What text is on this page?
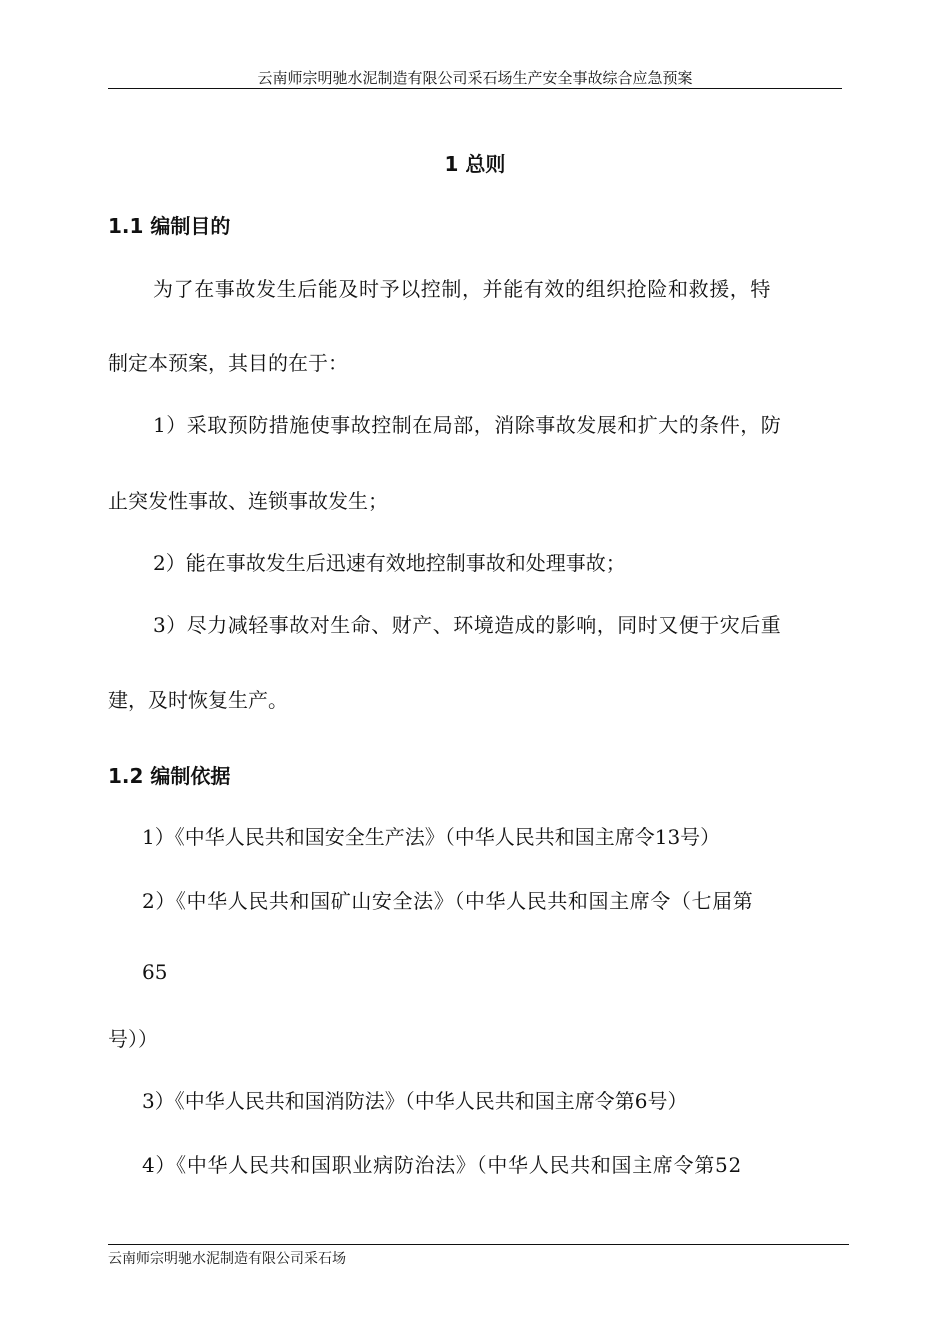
云南师宗明驰水泥制造有限公司采石场生产安全事故综合应急预案
1 总则
1.1 编制目的
为了在事故发生后能及时予以控制，并能有效的组织抢险和救援，特
制定本预案，其目的在于：
1）采取预防措施使事故控制在局部，消除事故发展和扩大的条件，防
止突发性事故、连锁事故发生；
2）能在事故发生后迅速有效地控制事故和处理事故；
3）尽力减轻事故对生命、财产、环境造成的影响，同时又便于灾后重
建，及时恢复生产。
1.2 编制依据
1）《中华人民共和国安全生产法》（中华人民共和国主席令13号）
2）《中华人民共和国矿山安全法》（中华人民共和国主席令（七届第
65
号））
3）《中华人民共和国消防法》（中华人民共和国主席令第6号）
4）《中华人民共和国职业病防治法》（中华人民共和国主席令第52
云南师宗明驰水泥制造有限公司采石场
